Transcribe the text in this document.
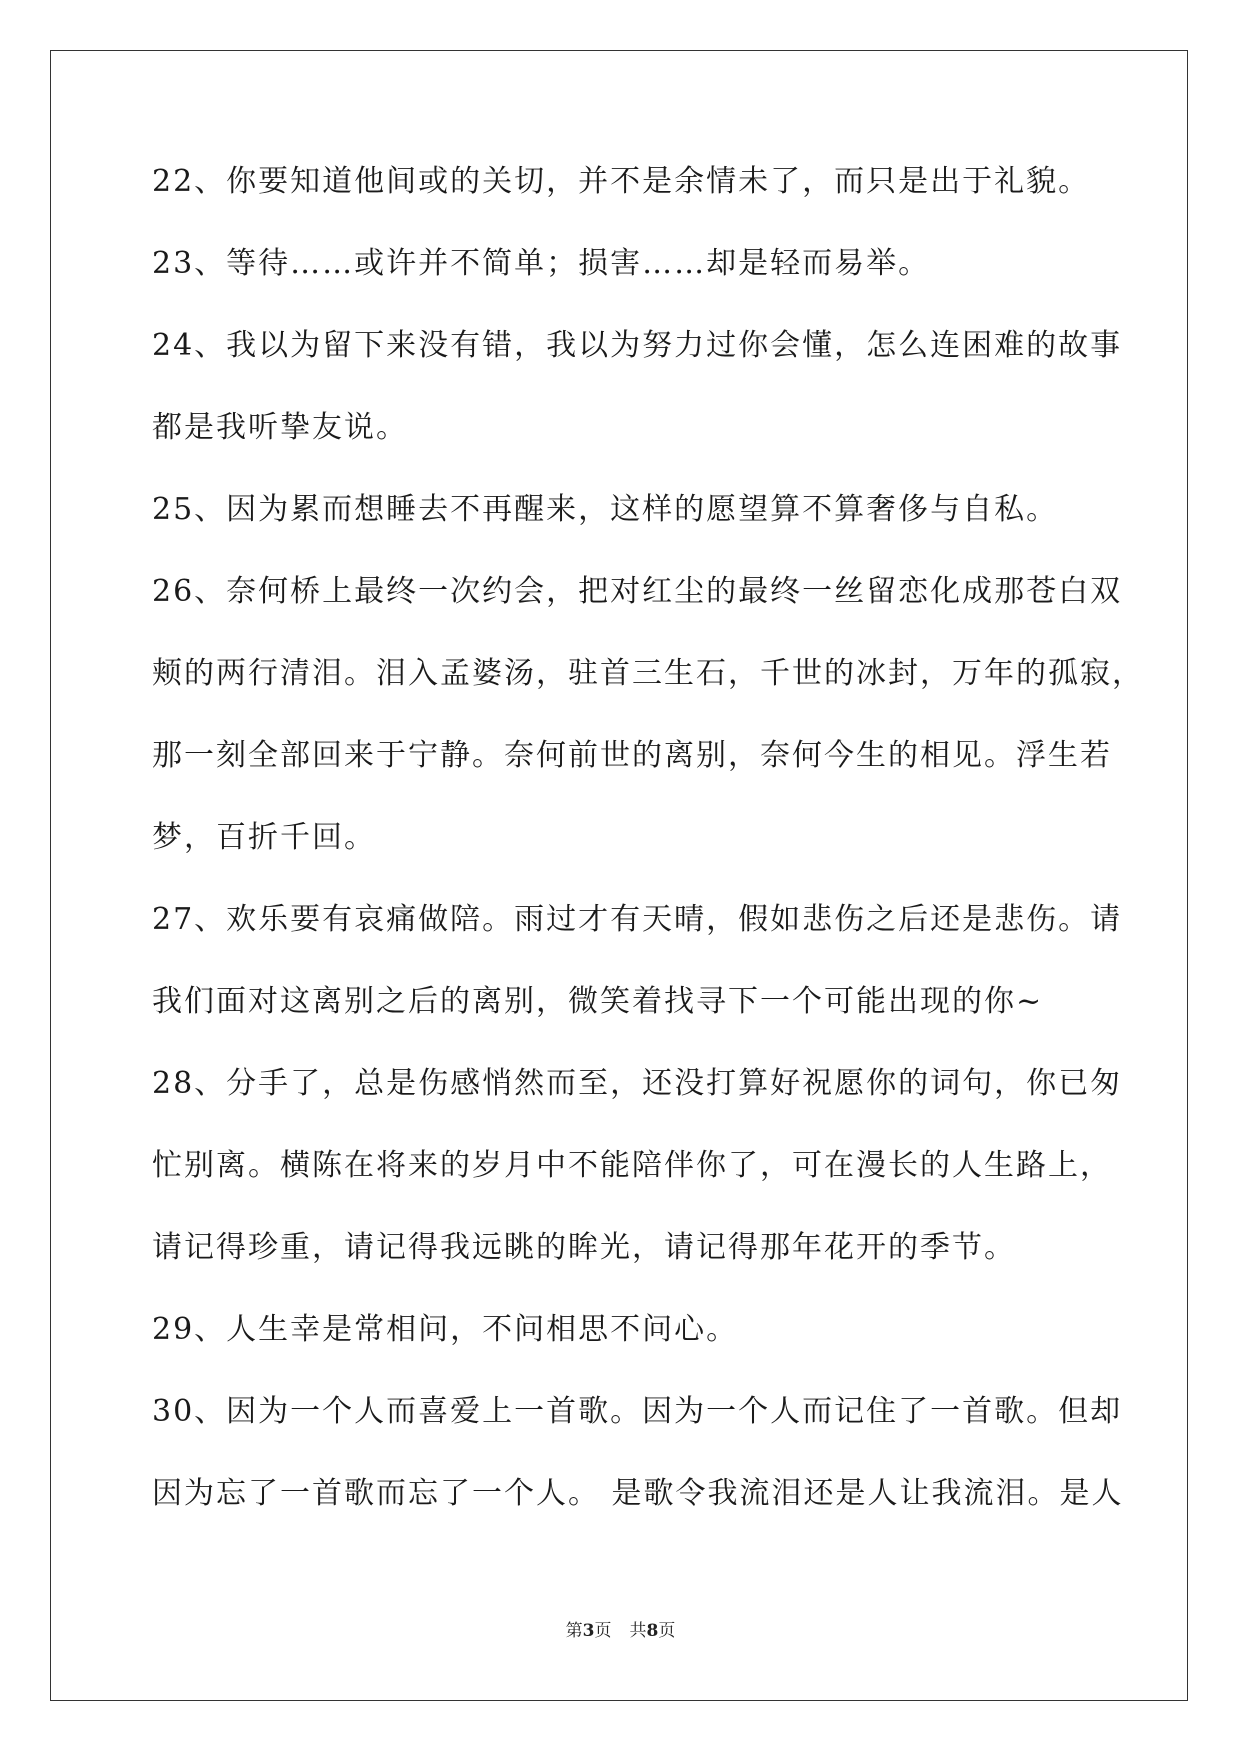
22、你要知道他间或的关切，并不是余情未了，而只是出于礼貌。
23、等待……或许并不简单；损害……却是轻而易举。
24、我以为留下来没有错，我以为努力过你会懂，怎么连困难的故事
都是我听挚友说。
25、因为累而想睡去不再醒来，这样的愿望算不算奢侈与自私。
26、奈何桥上最终一次约会，把对红尘的最终一丝留恋化成那苍白双
颊的两行清泪。泪入孟婆汤，驻首三生石，千世的冰封，万年的孤寂，
那一刻全部回来于宁静。奈何前世的离别，奈何今生的相见。浮生若
梦，百折千回。
27、欢乐要有哀痛做陪。雨过才有天晴，假如悲伤之后还是悲伤。请
我们面对这离别之后的离别，微笑着找寻下一个可能出现的你~
28、分手了，总是伤感悄然而至，还没打算好祝愿你的词句，你已匆
忙别离。横陈在将来的岁月中不能陪伴你了，可在漫长的人生路上，
请记得珍重，请记得我远眺的眸光，请记得那年花开的季节。
29、人生幸是常相问，不问相思不问心。
30、因为一个人而喜爱上一首歌。因为一个人而记住了一首歌。但却
因为忘了一首歌而忘了一个人。 是歌令我流泪还是人让我流泪。是人
第3页 共8页
